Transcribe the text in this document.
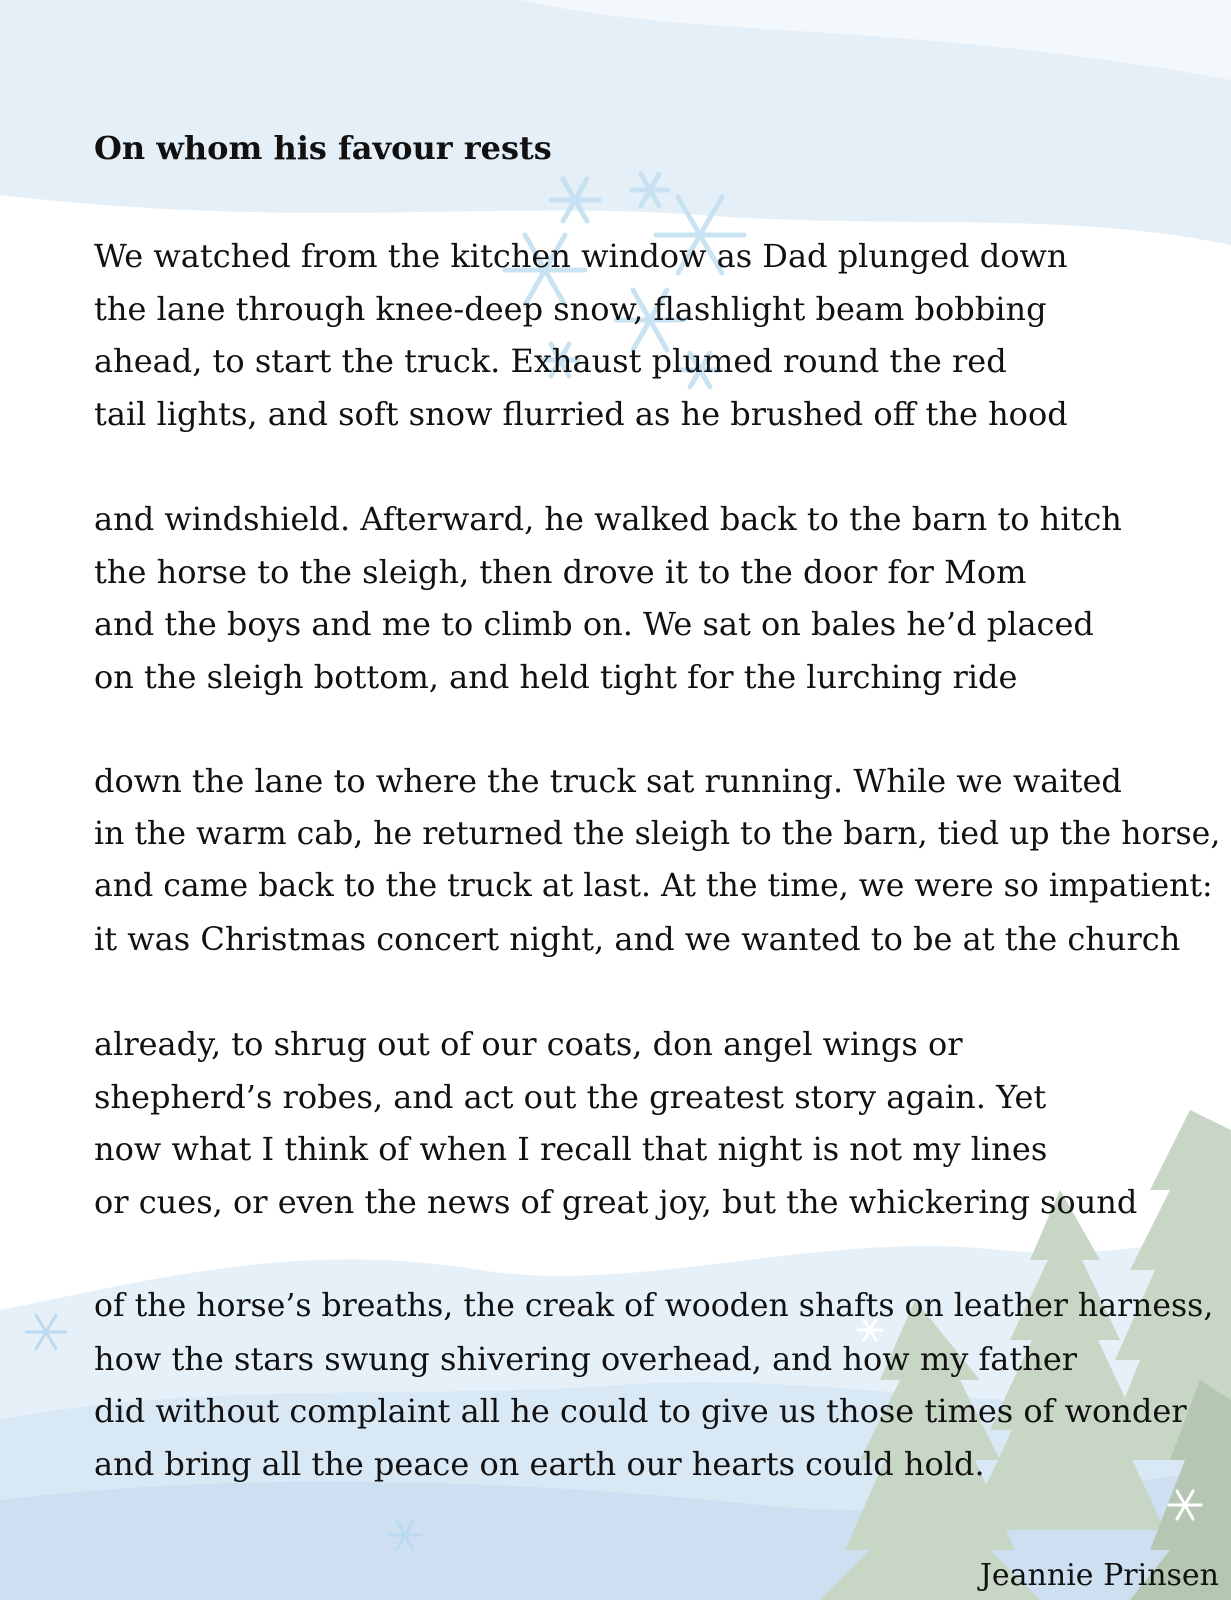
On whom his favour rests
We watched from the kitchen window as Dad plunged down
the lane through knee-deep snow, flashlight beam bobbing
ahead, to start the truck. Exhaust plumed round the red
tail lights, and soft snow flurried as he brushed off the hood
and windshield. Afterward, he walked back to the barn to hitch
the horse to the sleigh, then drove it to the door for Mom
and the boys and me to climb on. We sat on bales he’d placed
on the sleigh bottom, and held tight for the lurching ride
down the lane to where the truck sat running. While we waited
in the warm cab, he returned the sleigh to the barn, tied up the horse,
and came back to the truck at last. At the time, we were so impatient:
it was Christmas concert night, and we wanted to be at the church
already, to shrug out of our coats, don angel wings or
shepherd’s robes, and act out the greatest story again. Yet
now what I think of when I recall that night is not my lines
or cues, or even the news of great joy, but the whickering sound
of the horse’s breaths, the creak of wooden shafts on leather harness,
how the stars swung shivering overhead, and how my father
did without complaint all he could to give us those times of wonder
and bring all the peace on earth our hearts could hold.

Jeannie Prinsen
